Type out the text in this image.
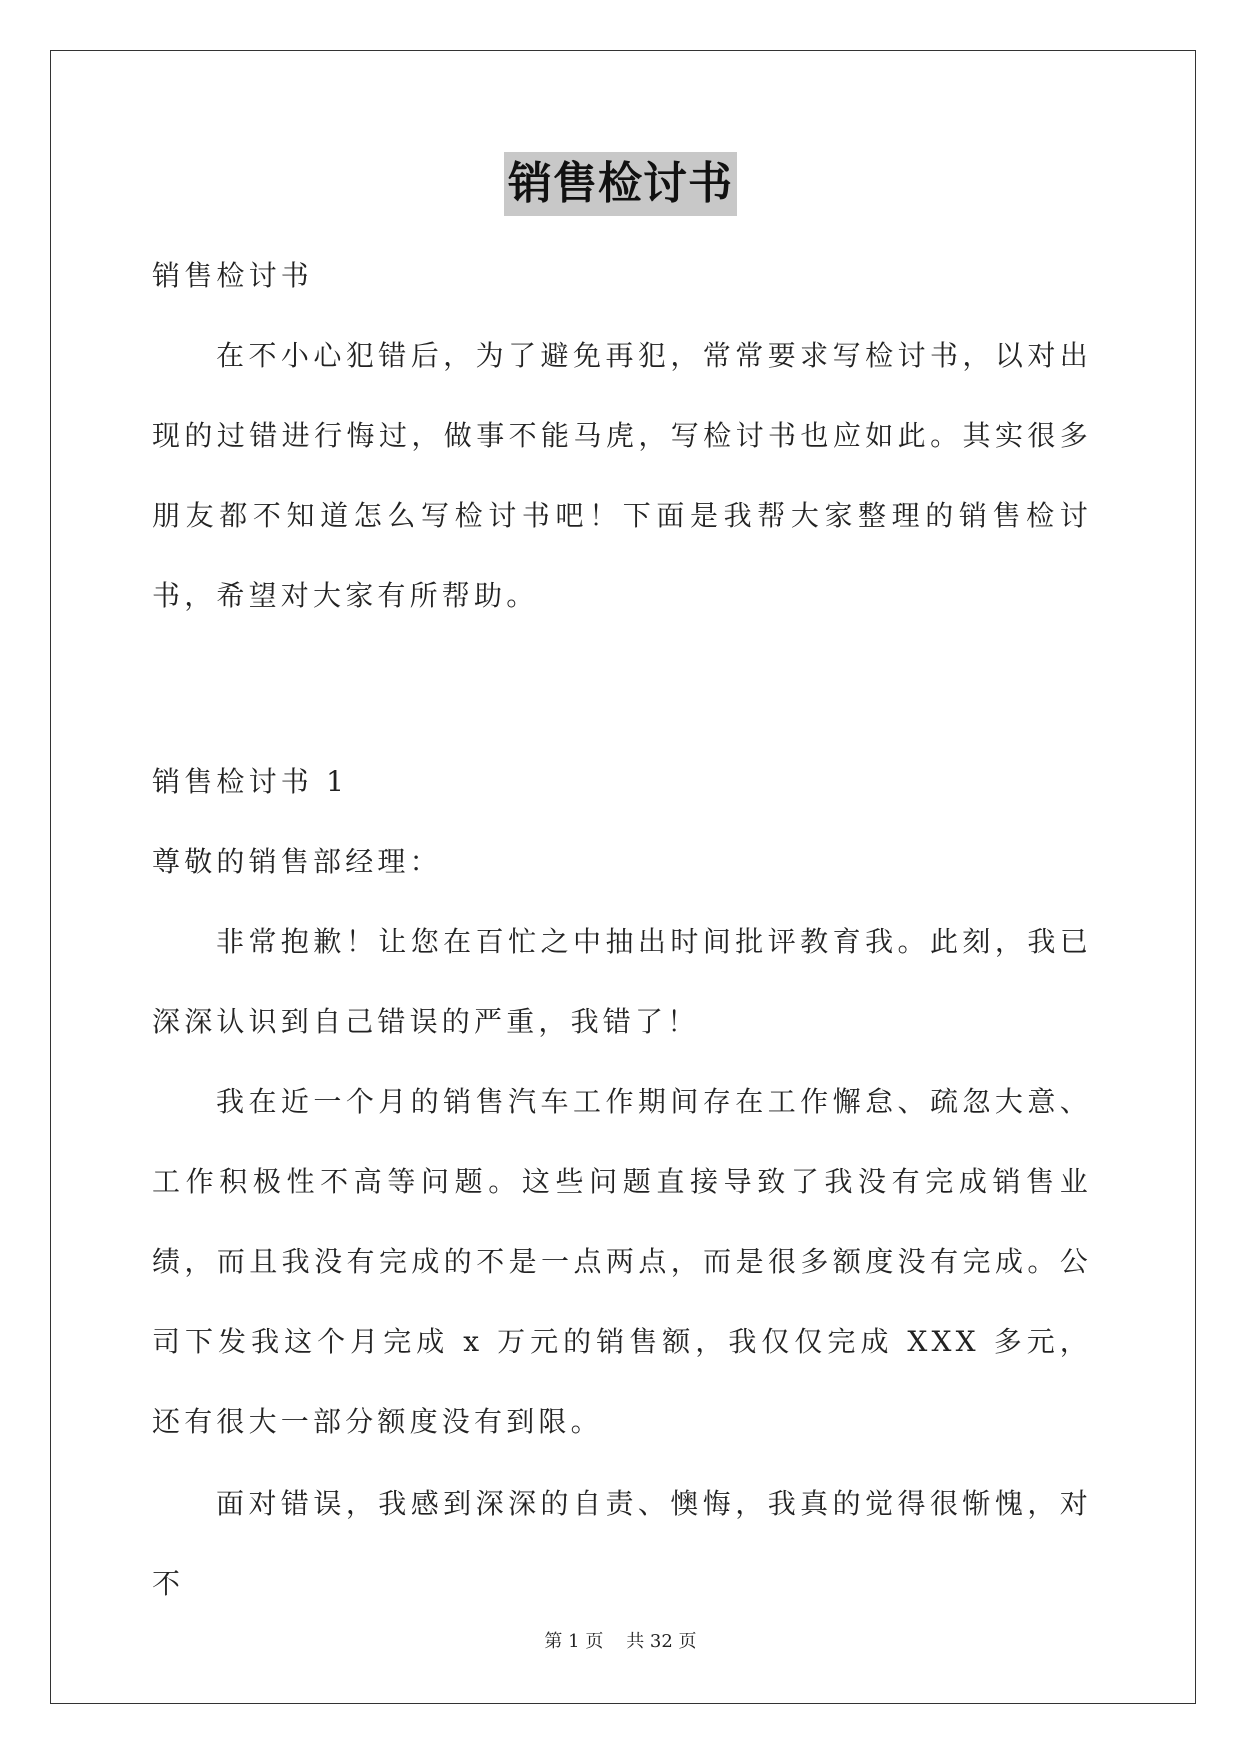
销售检讨书

销售检讨书

在不小心犯错后，为了避免再犯，常常要求写检讨书，以对出现的过错进行悔过，做事不能马虎，写检讨书也应如此。其实很多朋友都不知道怎么写检讨书吧！下面是我帮大家整理的销售检讨书，希望对大家有所帮助。

销售检讨书 1

尊敬的销售部经理：

非常抱歉！让您在百忙之中抽出时间批评教育我。此刻，我已深深认识到自己错误的严重，我错了！

我在近一个月的销售汽车工作期间存在工作懈怠、疏忽大意、工作积极性不高等问题。这些问题直接导致了我没有完成销售业绩，而且我没有完成的不是一点两点，而是很多额度没有完成。公司下发我这个月完成 x 万元的销售额，我仅仅完成 XXX 多元，还有很大一部分额度没有到限。

面对错误，我感到深深的自责、懊悔，我真的觉得很惭愧，对不

第 1 页    共 32 页
